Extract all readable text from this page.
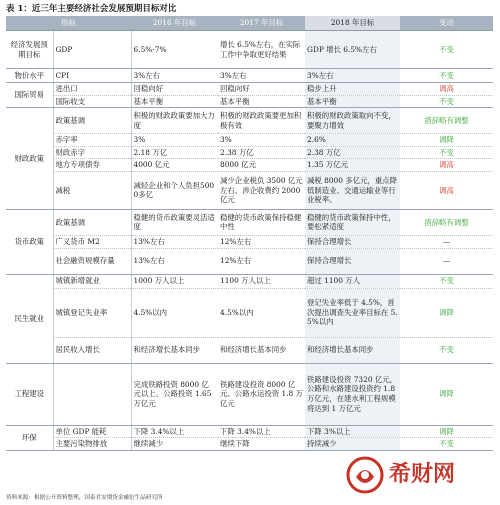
表 1：近三年主要经济社会发展预期目标对比
指标		2016 年目标	2017 年目标	2018 年目标	变动
经济发展预期目标	GDP	6.5%-7%	增长 6.5%左右，在实际工作中争取更好结果	GDP 增长 6.5%左右	不变
物价水平	CPI	3%左右	3%左右	3%左右	不变
国际贸易	进出口	回稳向好	回稳向好	稳步上升	调高
	国际收支	基本平衡	基本平衡	基本平衡	不变
财政政策	政策基调	积极的财政政策要加大力度	积极的财政政策要更加积极有效	积极的财政政策取向不变，要聚力增效	措辞略有调整
	赤字率	3%	3%	2.6%	调降
	财政赤字	2.18 万亿	2.38 万亿	2.38 万亿	不变
	地方专项债券	4000 亿元	8000 亿元	1.35 万亿元	调高
	减税	减轻企业和个人负担5000多亿	减少企业税负 3500 亿元左右、涉企收费约 2000 亿元	减税 8000 多亿元，重点降低制造业、交通运输业等行业税率。	调高
货币政策	政策基调	稳健的货币政策要灵活适度	稳健的货币政策保持稳健中性	稳健的货币政策保持中性，要松紧适度	措辞略有调整
	广义货币 M2	13%左右	12%左右	保持合理增长	—
	社会融资规模存量	13%左右	12%左右	保持合理增长	—
民生就业	城镇新增就业	1000 万人以上	1100 万人以上	超过 1100 万人	不变
	城镇登记失业率	4.5%以内	4.5%以内	登记失业率低于 4.5%，首次提出调查失业率目标在 5.5%以内	调降
	居民收入增长	和经济增长基本同步	和经济增长基本同步	和经济增长基本同步	不变
工程建设		完成铁路投资 8000 亿元以上、公路投资 1.65 万亿元	铁路建设投资 8000 亿元、公路水运投资 1.8 万亿元	铁路建设投资 7320 亿元，公路和水路建设投资约 1.8 万亿元，在建水利工程规模将达到 1 万亿元	调降
环保	单位 GDP 能耗	下降 3.4%以上	下降 3.4%以上	下降 3%以上	调降
	主要污染物排放	继续减少	继续下降	持续减少	不变
资料来源：根据公开资料整理，国泰君安期货金融衍生品研究所
希财网
